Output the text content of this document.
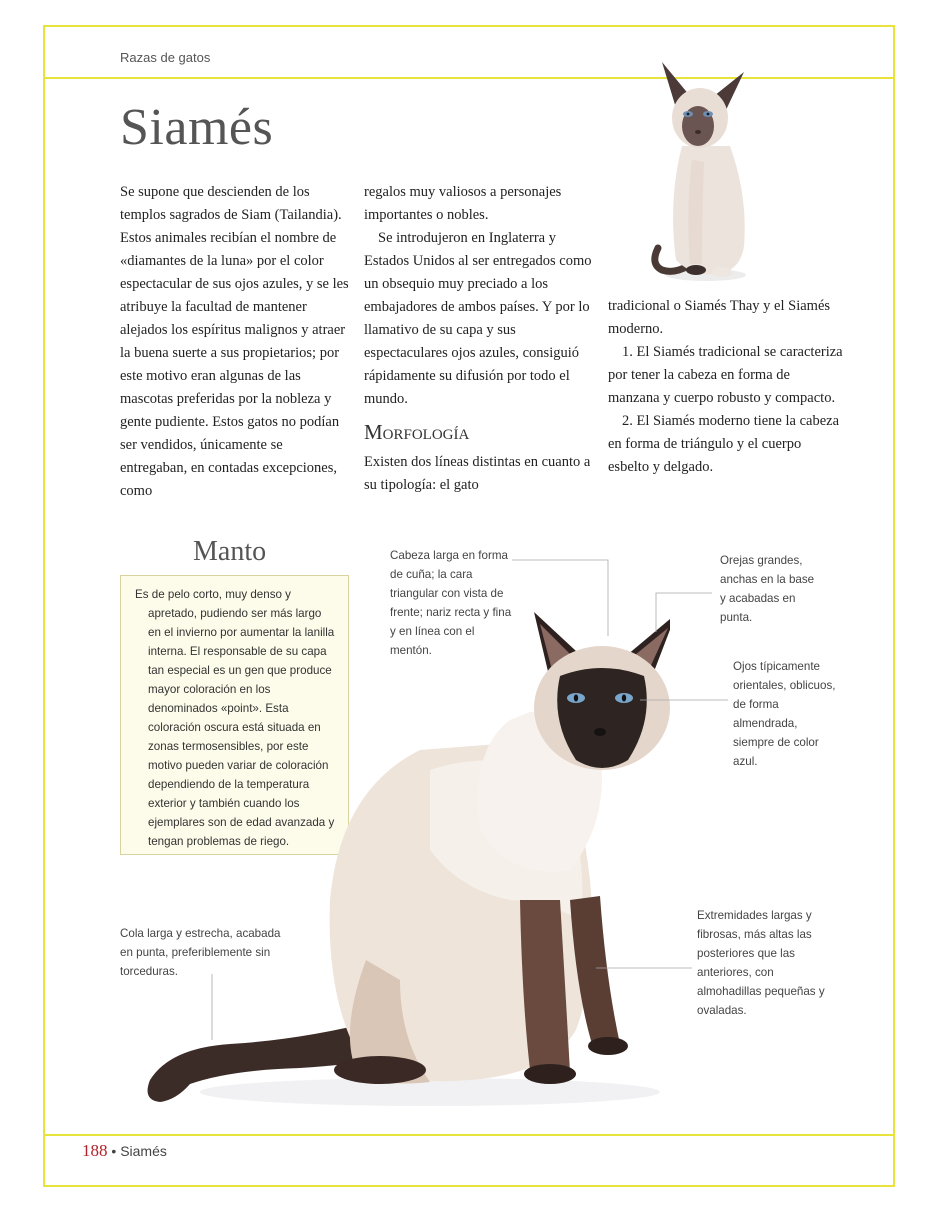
Razas de gatos
Siamés

Se supone que descienden de los templos sagrados de Siam (Tailandia). Estos animales recibían el nombre de «diamantes de la luna» por el color espectacular de sus ojos azules, y se les atribuye la facultad de mantener alejados los espíritus malignos y atraer la buena suerte a sus propietarios; por este motivo eran algunas de las mascotas preferidas por la nobleza y gente pudiente. Estos gatos no podían ser vendidos, únicamente se entregaban, en contadas excepciones, como

regalos muy valiosos a personajes importantes o nobles.

Se introdujeron en Inglaterra y Estados Unidos al ser entregados como un obsequio muy preciado a los embajadores de ambos países. Y por lo llamativo de su capa y sus espectaculares ojos azules, consiguió rápidamente su difusión por todo el mundo.

Morfología

Existen dos líneas distintas en cuanto a su tipología: el gato

tradicional o Siamés Thay y el Siamés moderno.

1. El Siamés tradicional se caracteriza por tener la cabeza en forma de manzana y cuerpo robusto y compacto.

2. El Siamés moderno tiene la cabeza en forma de triángulo y el cuerpo esbelto y delgado.

Manto

Es de pelo corto, muy denso y apretado, pudiendo ser más largo en el invierno por aumentar la lanilla interna. El responsable de su capa tan especial es un gen que produce mayor coloración en los denominados «point». Esta coloración oscura está situada en zonas termosensibles, por este motivo pueden variar de coloración dependiendo de la temperatura exterior y también cuando los ejemplares son de edad avanzada y tengan problemas de riego.

Cabeza larga en forma de cuña; la cara triangular con vista de frente; nariz recta y fina y en línea con el mentón.

Orejas grandes, anchas en la base y acabadas en punta.

Ojos típicamente orientales, oblicuos, de forma almendrada, siempre de color azul.

Extremidades largas y fibrosas, más altas las posteriores que las anteriores, con almohadillas pequeñas y ovaladas.

Cola larga y estrecha, acabada en punta, preferiblemente sin torceduras.

188 • Siamés
